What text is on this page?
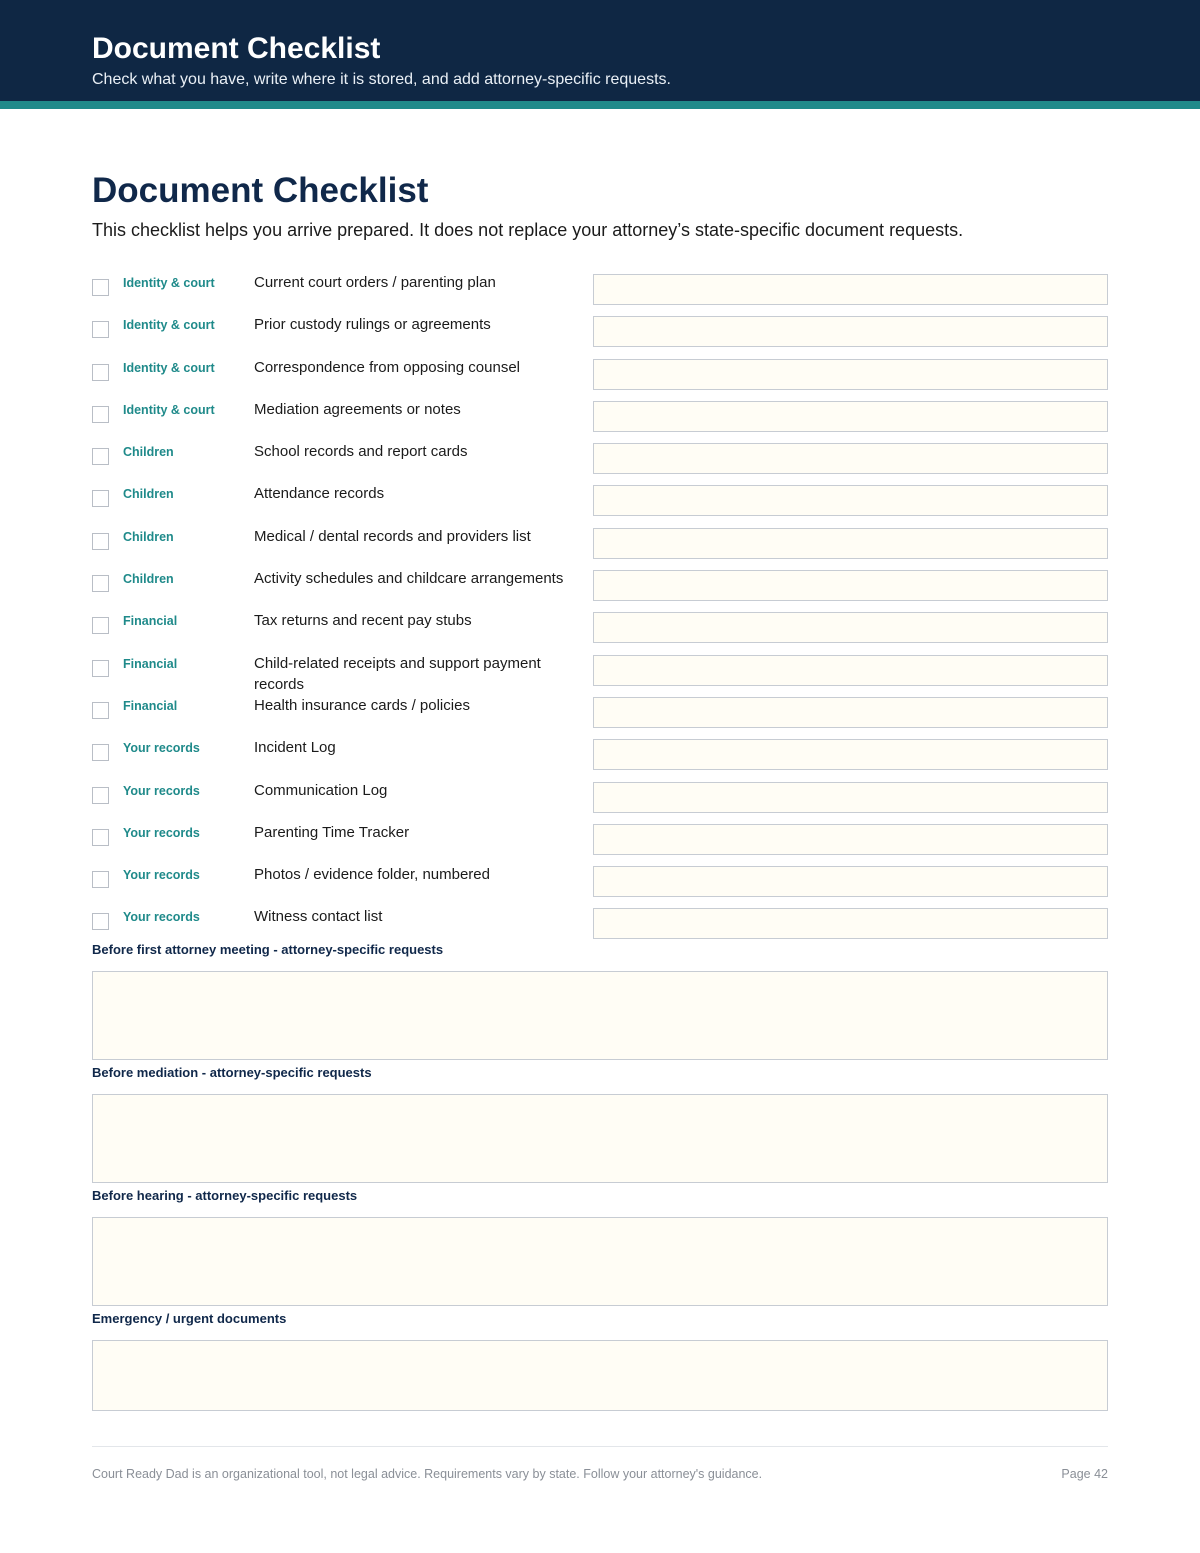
Document Checklist
Check what you have, write where it is stored, and add attorney-specific requests.
Document Checklist
This checklist helps you arrive prepared. It does not replace your attorney’s state-specific document requests.
Identity & court	Current court orders / parenting plan
Identity & court	Prior custody rulings or agreements
Identity & court	Correspondence from opposing counsel
Identity & court	Mediation agreements or notes
Children	School records and report cards
Children	Attendance records
Children	Medical / dental records and providers list
Children	Activity schedules and childcare arrangements
Financial	Tax returns and recent pay stubs
Financial	Child-related receipts and support payment records
Financial	Health insurance cards / policies
Your records	Incident Log
Your records	Communication Log
Your records	Parenting Time Tracker
Your records	Photos / evidence folder, numbered
Your records	Witness contact list
Before first attorney meeting - attorney-specific requests
Before mediation - attorney-specific requests
Before hearing - attorney-specific requests
Emergency / urgent documents
Court Ready Dad is an organizational tool, not legal advice. Requirements vary by state. Follow your attorney's guidance.	Page 42
